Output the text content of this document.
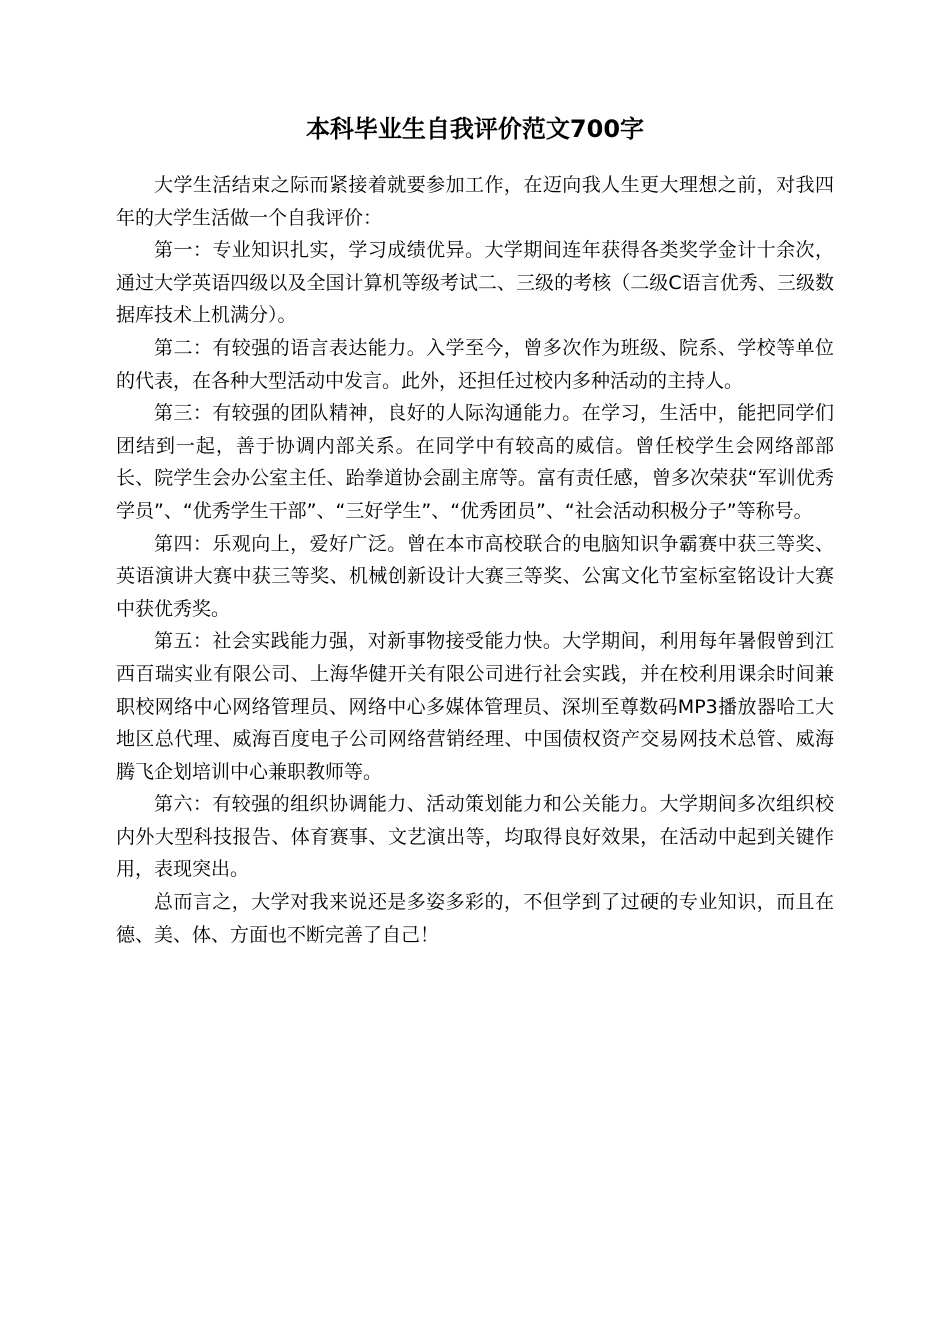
本科毕业生自我评价范文700字

大学生活结束之际而紧接着就要参加工作，在迈向我人生更大理想之前，对我四年的大学生活做一个自我评价：

第一：专业知识扎实，学习成绩优异。大学期间连年获得各类奖学金计十余次，通过大学英语四级以及全国计算机等级考试二、三级的考核（二级C语言优秀、三级数据库技术上机满分）。

第二：有较强的语言表达能力。入学至今，曾多次作为班级、院系、学校等单位的代表，在各种大型活动中发言。此外，还担任过校内多种活动的主持人。

第三：有较强的团队精神，良好的人际沟通能力。在学习，生活中，能把同学们团结到一起，善于协调内部关系。在同学中有较高的威信。曾任校学生会网络部部长、院学生会办公室主任、跆拳道协会副主席等。富有责任感，曾多次荣获“军训优秀学员”、“优秀学生干部”、“三好学生”、“优秀团员”、“社会活动积极分子”等称号。

第四：乐观向上，爱好广泛。曾在本市高校联合的电脑知识争霸赛中获三等奖、英语演讲大赛中获三等奖、机械创新设计大赛三等奖、公寓文化节室标室铭设计大赛中获优秀奖。

第五：社会实践能力强，对新事物接受能力快。大学期间，利用每年暑假曾到江西百瑞实业有限公司、上海华健开关有限公司进行社会实践，并在校利用课余时间兼职校网络中心网络管理员、网络中心多媒体管理员、深圳至尊数码MP3播放器哈工大地区总代理、威海百度电子公司网络营销经理、中国债权资产交易网技术总管、威海腾飞企划培训中心兼职教师等。

第六：有较强的组织协调能力、活动策划能力和公关能力。大学期间多次组织校内外大型科技报告、体育赛事、文艺演出等，均取得良好效果，在活动中起到关键作用，表现突出。

总而言之，大学对我来说还是多姿多彩的，不但学到了过硬的专业知识，而且在德、美、体、方面也不断完善了自己！
